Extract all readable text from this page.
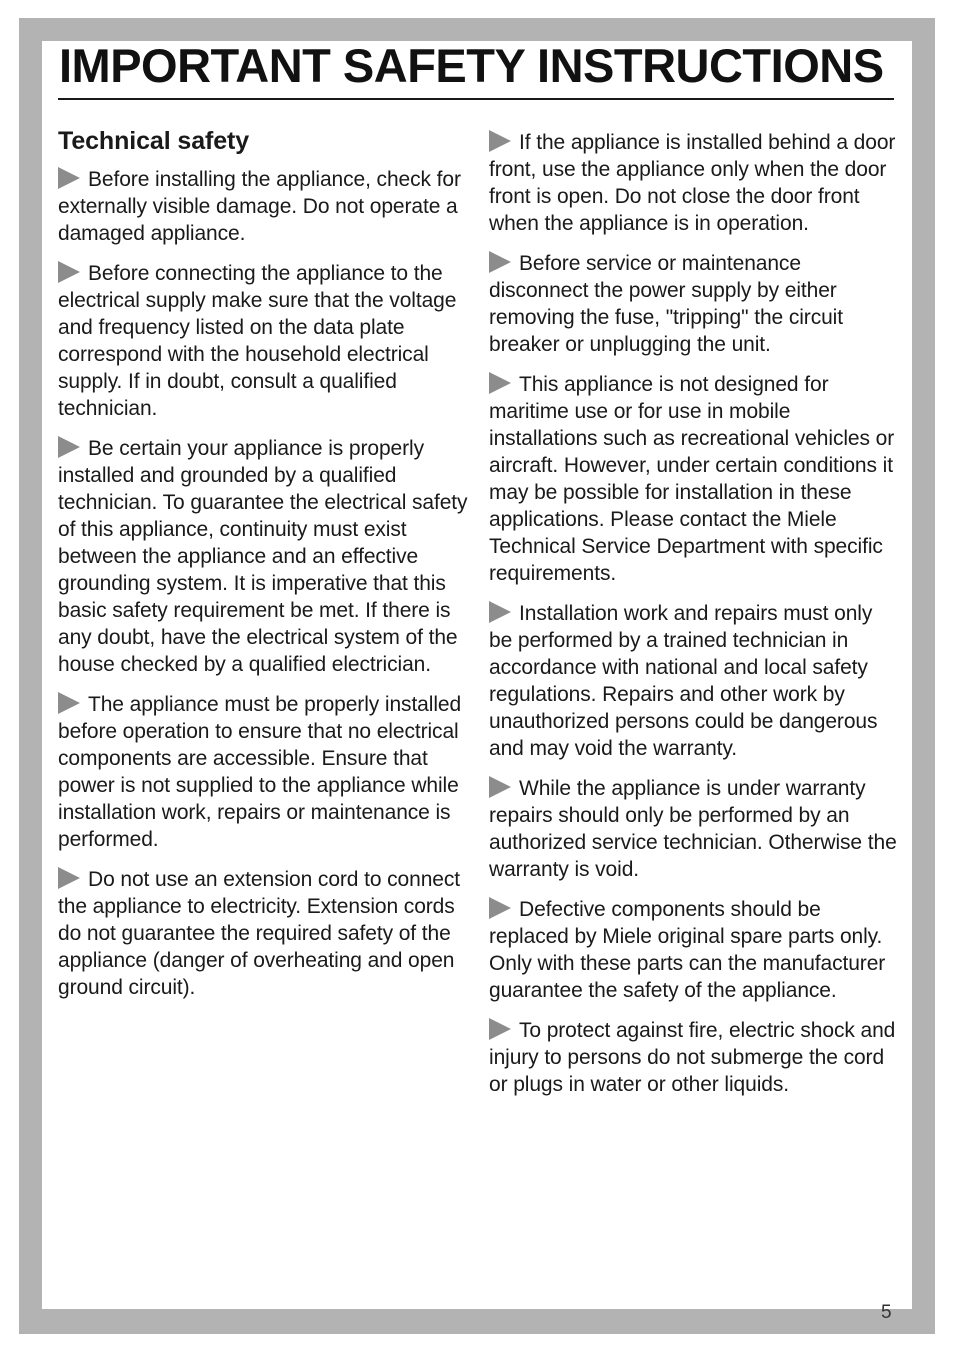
IMPORTANT SAFETY INSTRUCTIONS
Technical safety

Before installing the appliance, check for externally visible damage. Do not operate a damaged appliance.

Before connecting the appliance to the electrical supply make sure that the voltage and frequency listed on the data plate correspond with the household electrical supply. If in doubt, consult a qualified technician.

Be certain your appliance is properly installed and grounded by a qualified technician. To guarantee the electrical safety of this appliance, continuity must exist between the appliance and an effective grounding system. It is imperative that this basic safety requirement be met. If there is any doubt, have the electrical system of the house checked by a qualified electrician.

The appliance must be properly installed before operation to ensure that no electrical components are accessible. Ensure that power is not supplied to the appliance while installation work, repairs or maintenance is performed.

Do not use an extension cord to connect the appliance to electricity. Extension cords do not guarantee the required safety of the appliance (danger of overheating and open ground circuit).

If the appliance is installed behind a door front, use the appliance only when the door front is open. Do not close the door front when the appliance is in operation.

Before service or maintenance disconnect the power supply by either removing the fuse, "tripping" the circuit breaker or unplugging the unit.

This appliance is not designed for maritime use or for use in mobile installations such as recreational vehicles or aircraft. However, under certain conditions it may be possible for installation in these applications. Please contact the Miele Technical Service Department with specific requirements.

Installation work and repairs must only be performed by a trained technician in accordance with national and local safety regulations. Repairs and other work by unauthorized persons could be dangerous and may void the warranty.

While the appliance is under warranty repairs should only be performed by an authorized service technician. Otherwise the warranty is void.

Defective components should be replaced by Miele original spare parts only. Only with these parts can the manufacturer guarantee the safety of the appliance.

To protect against fire, electric shock and injury to persons do not submerge the cord or plugs in water or other liquids.

5
